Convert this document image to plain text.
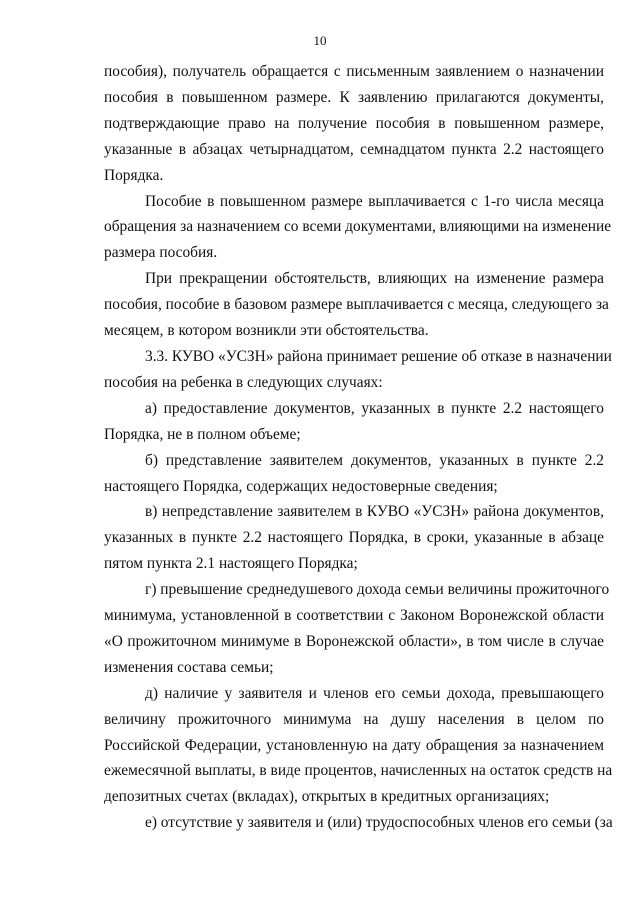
10
пособия), получатель обращается с письменным заявлением о назначении
пособия в повышенном размере. К заявлению прилагаются документы,
подтверждающие право на получение пособия в повышенном размере,
указанные в абзацах четырнадцатом, семнадцатом пункта 2.2 настоящего
Порядка.
Пособие в повышенном размере выплачивается с 1-го числа месяца
обращения за назначением со всеми документами, влияющими на изменение
размера пособия.
При прекращении обстоятельств, влияющих на изменение размера
пособия, пособие в базовом размере выплачивается с месяца, следующего за
месяцем, в котором возникли эти обстоятельства.
3.3. КУВО «УСЗН» района принимает решение об отказе в назначении
пособия на ребенка в следующих случаях:
а) предоставление документов, указанных в пункте 2.2 настоящего
Порядка, не в полном объеме;
б) представление заявителем документов, указанных в пункте 2.2
настоящего Порядка, содержащих недостоверные сведения;
в) непредставление заявителем в КУВО «УСЗН» района документов,
указанных в пункте 2.2 настоящего Порядка, в сроки, указанные в абзаце
пятом пункта 2.1 настоящего Порядка;
г) превышение среднедушевого дохода семьи величины прожиточного
минимума, установленной в соответствии с Законом Воронежской области
«О прожиточном минимуме в Воронежской области», в том числе в случае
изменения состава семьи;
д) наличие у заявителя и членов его семьи дохода, превышающего
величину прожиточного минимума на душу населения в целом по
Российской Федерации, установленную на дату обращения за назначением
ежемесячной выплаты, в виде процентов, начисленных на остаток средств на
депозитных счетах (вкладах), открытых в кредитных организациях;
е) отсутствие у заявителя и (или) трудоспособных членов его семьи (за
